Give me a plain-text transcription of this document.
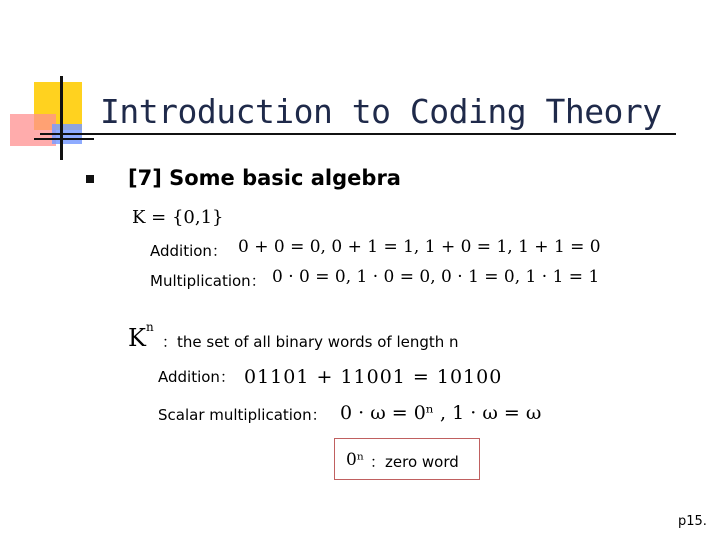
Introduction to Coding Theory
[7] Some basic algebra
K = {0,1}
Addition： 0 + 0 = 0, 0 + 1 = 1, 1 + 0 = 1, 1 + 1 = 0
Multiplication： 0 · 0 = 0, 1 · 0 = 0, 0 · 1 = 0, 1 · 1 = 1
$K^n$
：the set of all binary words of length n
Addition： 01101 + 11001 = 10100
Scalar multiplication： 0 · ω = 0ⁿ , 1 · ω = ω
0ⁿ ：zero word
p15.
